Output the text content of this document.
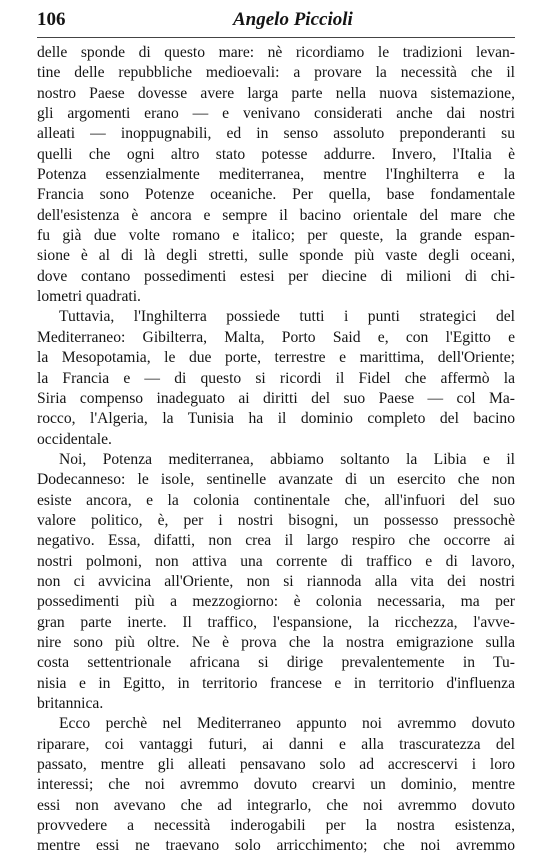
106	Angelo Piccioli
delle sponde di questo mare: nè ricordiamo le tradizioni levan-
tine delle repubbliche medioevali: a provare la necessità che il
nostro Paese dovesse avere larga parte nella nuova sistemazione,
gli argomenti erano — e venivano considerati anche dai nostri
alleati — inoppugnabili, ed in senso assoluto preponderanti su
quelli che ogni altro stato potesse addurre. Invero, l'Italia è
Potenza essenzialmente mediterranea, mentre l'Inghilterra e la
Francia sono Potenze oceaniche. Per quella, base fondamentale
dell'esistenza è ancora e sempre il bacino orientale del mare che
fu già due volte romano e italico; per queste, la grande espan-
sione è al di là degli stretti, sulle sponde più vaste degli oceani,
dove contano possedimenti estesi per diecine di milioni di chi-
lometri quadrati.
Tuttavia, l'Inghilterra possiede tutti i punti strategici del
Mediterraneo: Gibilterra, Malta, Porto Said e, con l'Egitto e
la Mesopotamia, le due porte, terrestre e marittima, dell'Oriente;
la Francia e — di questo si ricordi il Fidel che affermò la
Siria compenso inadeguato ai diritti del suo Paese — col Ma-
rocco, l'Algeria, la Tunisia ha il dominio completo del bacino
occidentale.
Noi, Potenza mediterranea, abbiamo soltanto la Libia e il
Dodecanneso: le isole, sentinelle avanzate di un esercito che non
esiste ancora, e la colonia continentale che, all'infuori del suo
valore politico, è, per i nostri bisogni, un possesso pressochè
negativo. Essa, difatti, non crea il largo respiro che occorre ai
nostri polmoni, non attiva una corrente di traffico e di lavoro,
non ci avvicina all'Oriente, non si riannoda alla vita dei nostri
possedimenti più a mezzogiorno: è colonia necessaria, ma per
gran parte inerte. Il traffico, l'espansione, la ricchezza, l'avve-
nire sono più oltre. Ne è prova che la nostra emigrazione sulla
costa settentrionale africana si dirige prevalentemente in Tu-
nisia e in Egitto, in territorio francese e in territorio d'influenza
britannica.
Ecco perchè nel Mediterraneo appunto noi avremmo dovuto
riparare, coi vantaggi futuri, ai danni e alla trascuratezza del
passato, mentre gli alleati pensavano solo ad accrescervi i loro
interessi; che noi avremmo dovuto crearvi un dominio, mentre
essi non avevano che ad integrarlo, che noi avremmo dovuto
provvedere a necessità inderogabili per la nostra esistenza,
mentre essi ne traevano solo arricchimento; che noi avremmo
